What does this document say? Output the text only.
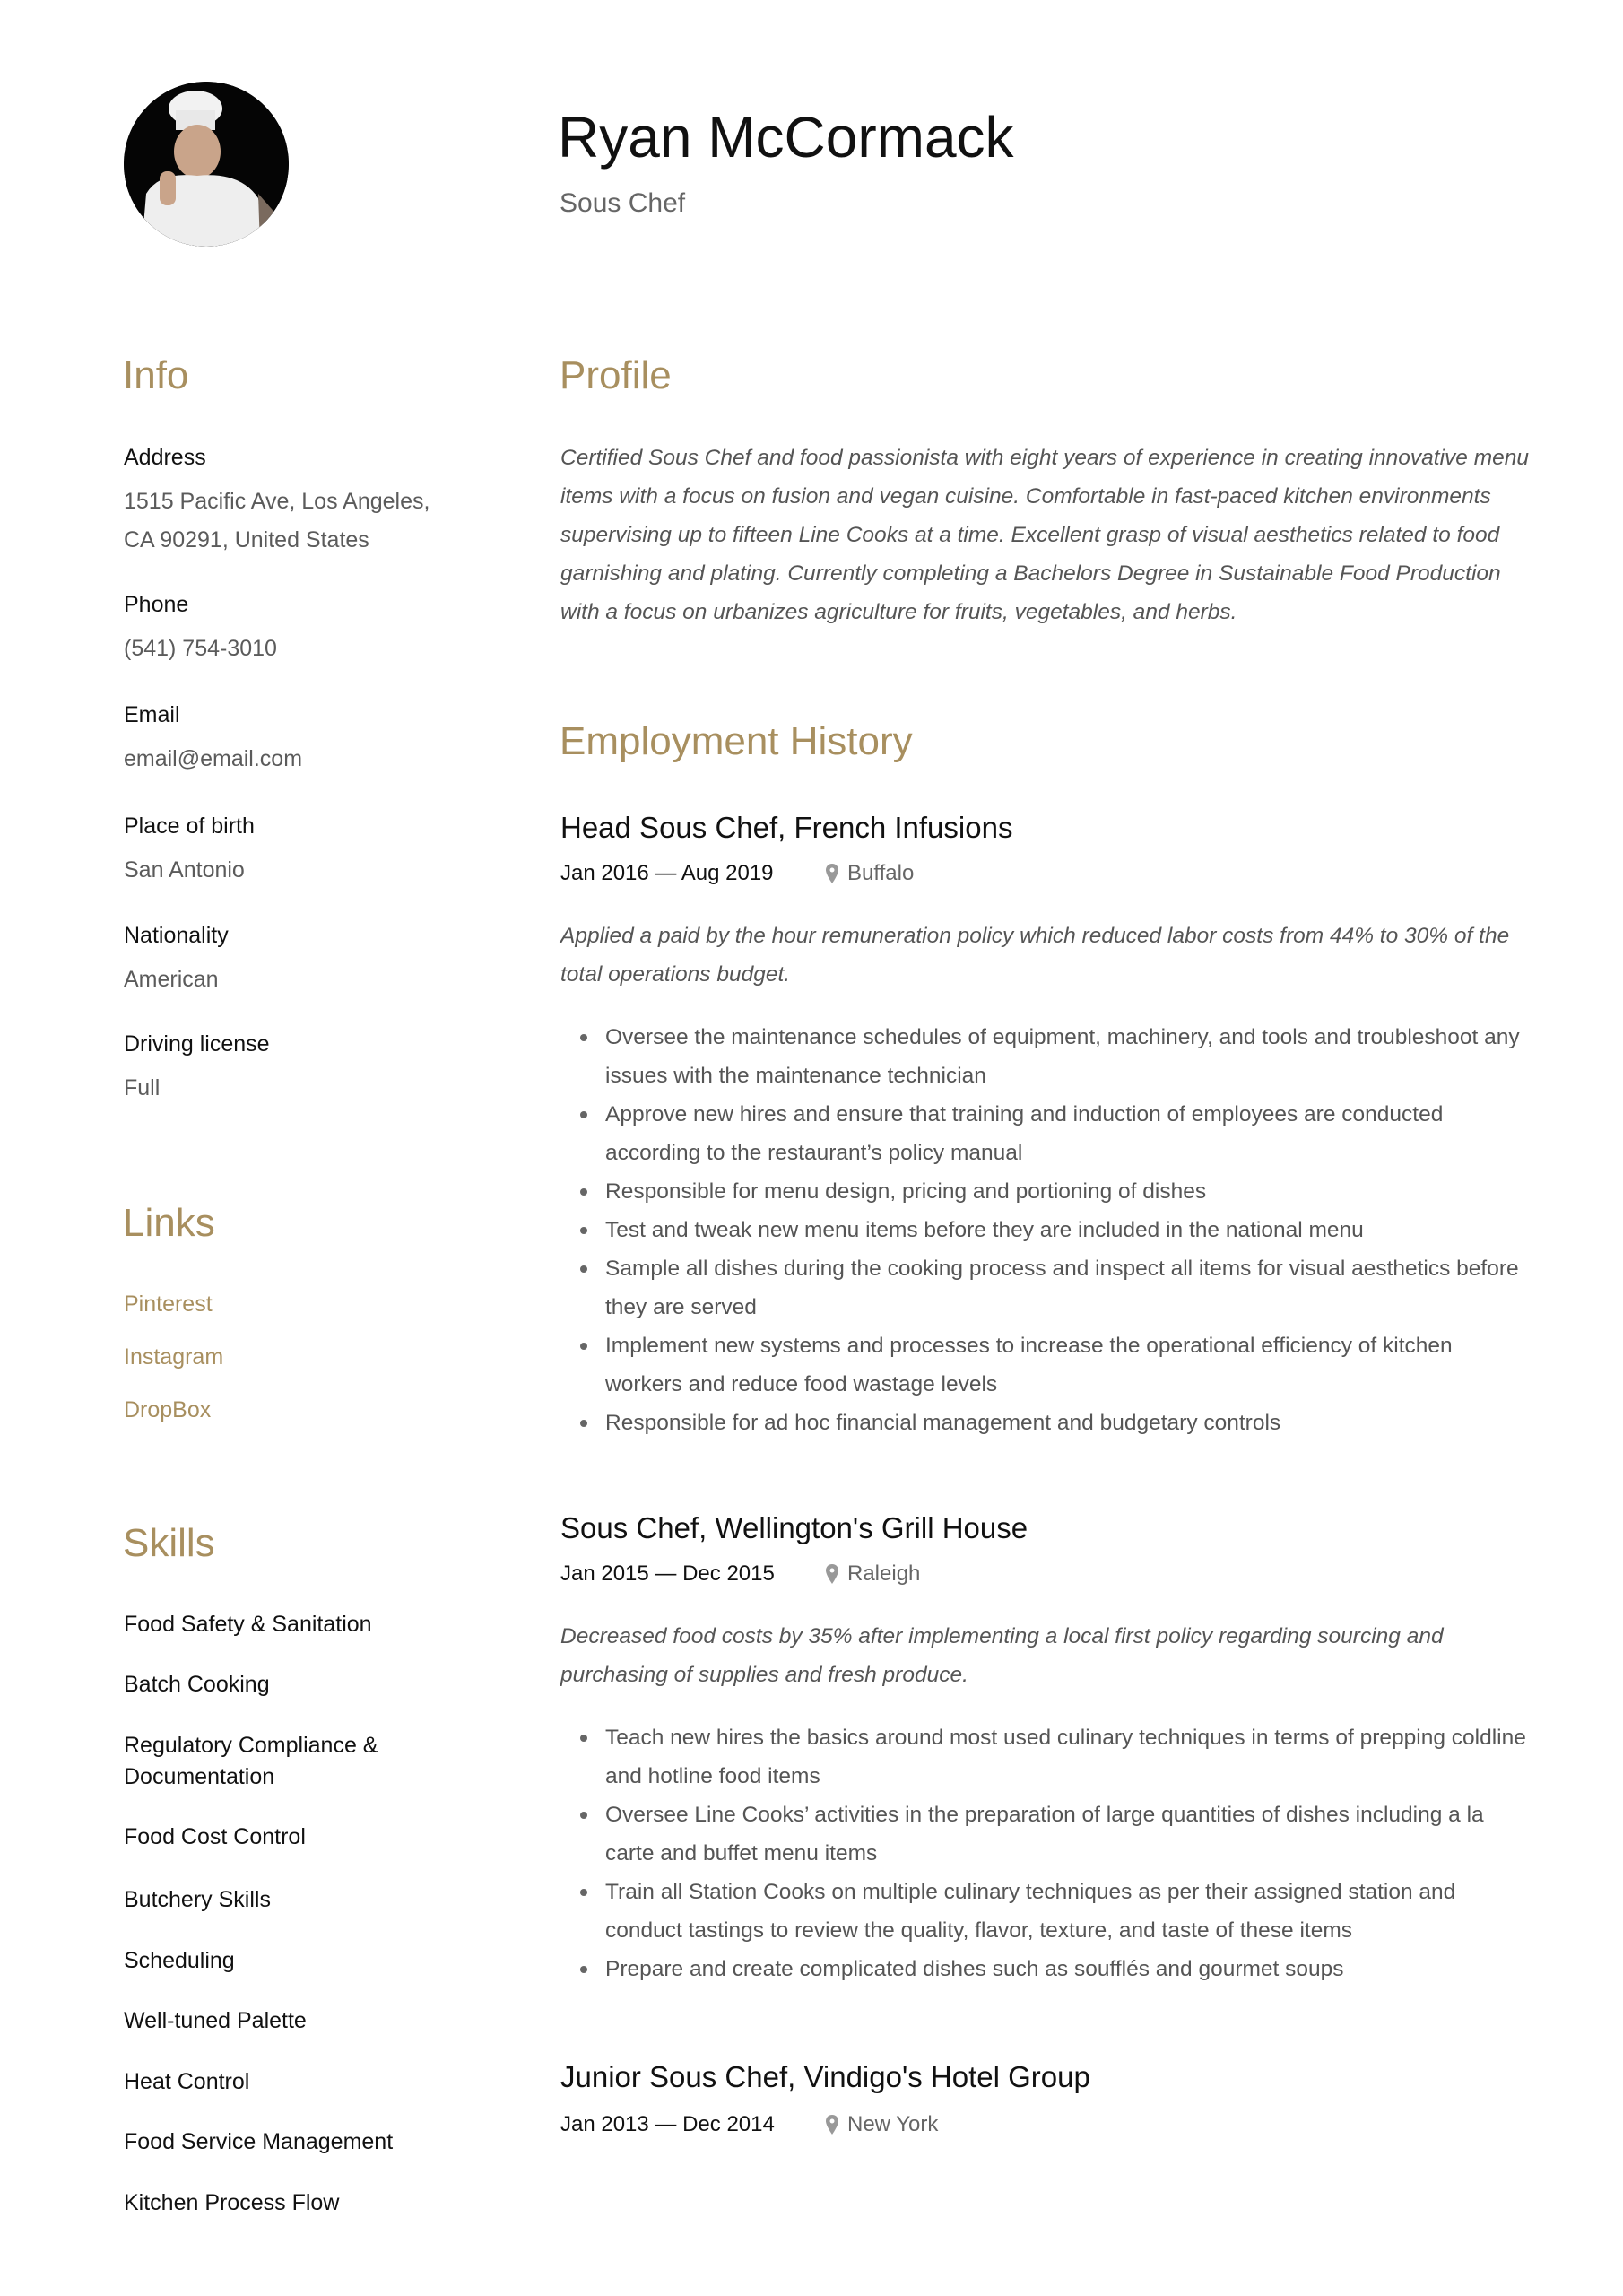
Ryan McCormack
Sous Chef
Info
Address
1515 Pacific Ave, Los Angeles,
CA 90291, United States
Phone
(541) 754-3010
Email
email@email.com
Place of birth
San Antonio
Nationality
American
Driving license
Full
Links
Pinterest
Instagram
DropBox
Skills
Food Safety & Sanitation
Batch Cooking
Regulatory Compliance & Documentation
Food Cost Control
Butchery Skills
Scheduling
Well-tuned Palette
Heat Control
Food Service Management
Kitchen Process Flow
Profile
Certified Sous Chef and food passionista with eight years of experience in creating innovative menu items with a focus on fusion and vegan cuisine. Comfortable in fast-paced kitchen environments supervising up to fifteen Line Cooks at a time. Excellent grasp of visual aesthetics related to food garnishing and plating. Currently completing a Bachelors Degree in Sustainable Food Production with a focus on urbanizes agriculture for fruits, vegetables, and herbs.
Employment History
Head Sous Chef, French Infusions
Jan 2016 — Aug 2019	Buffalo
Applied a paid by the hour remuneration policy which reduced labor costs from 44% to 30% of the total operations budget.
Oversee the maintenance schedules of equipment, machinery, and tools and troubleshoot any issues with the maintenance technician
Approve new hires and ensure that training and induction of employees are conducted according to the restaurant’s policy manual
Responsible for menu design, pricing and portioning of dishes
Test and tweak new menu items before they are included in the national menu
Sample all dishes during the cooking process and inspect all items for visual aesthetics before they are served
Implement new systems and processes to increase the operational efficiency of kitchen workers and reduce food wastage levels
Responsible for ad hoc financial management and budgetary controls
Sous Chef, Wellington's Grill House
Jan 2015 — Dec 2015	Raleigh
Decreased food costs by 35% after implementing a local first policy regarding sourcing and purchasing of supplies and fresh produce.
Teach new hires the basics around most used culinary techniques in terms of prepping coldline and hotline food items
Oversee Line Cooks’ activities in the preparation of large quantities of dishes including a la carte and buffet menu items
Train all Station Cooks on multiple culinary techniques as per their assigned station and conduct tastings to review the quality, flavor, texture, and taste of these items
Prepare and create complicated dishes such as soufflés and gourmet soups
Junior Sous Chef, Vindigo's Hotel Group
Jan 2013 — Dec 2014	New York
